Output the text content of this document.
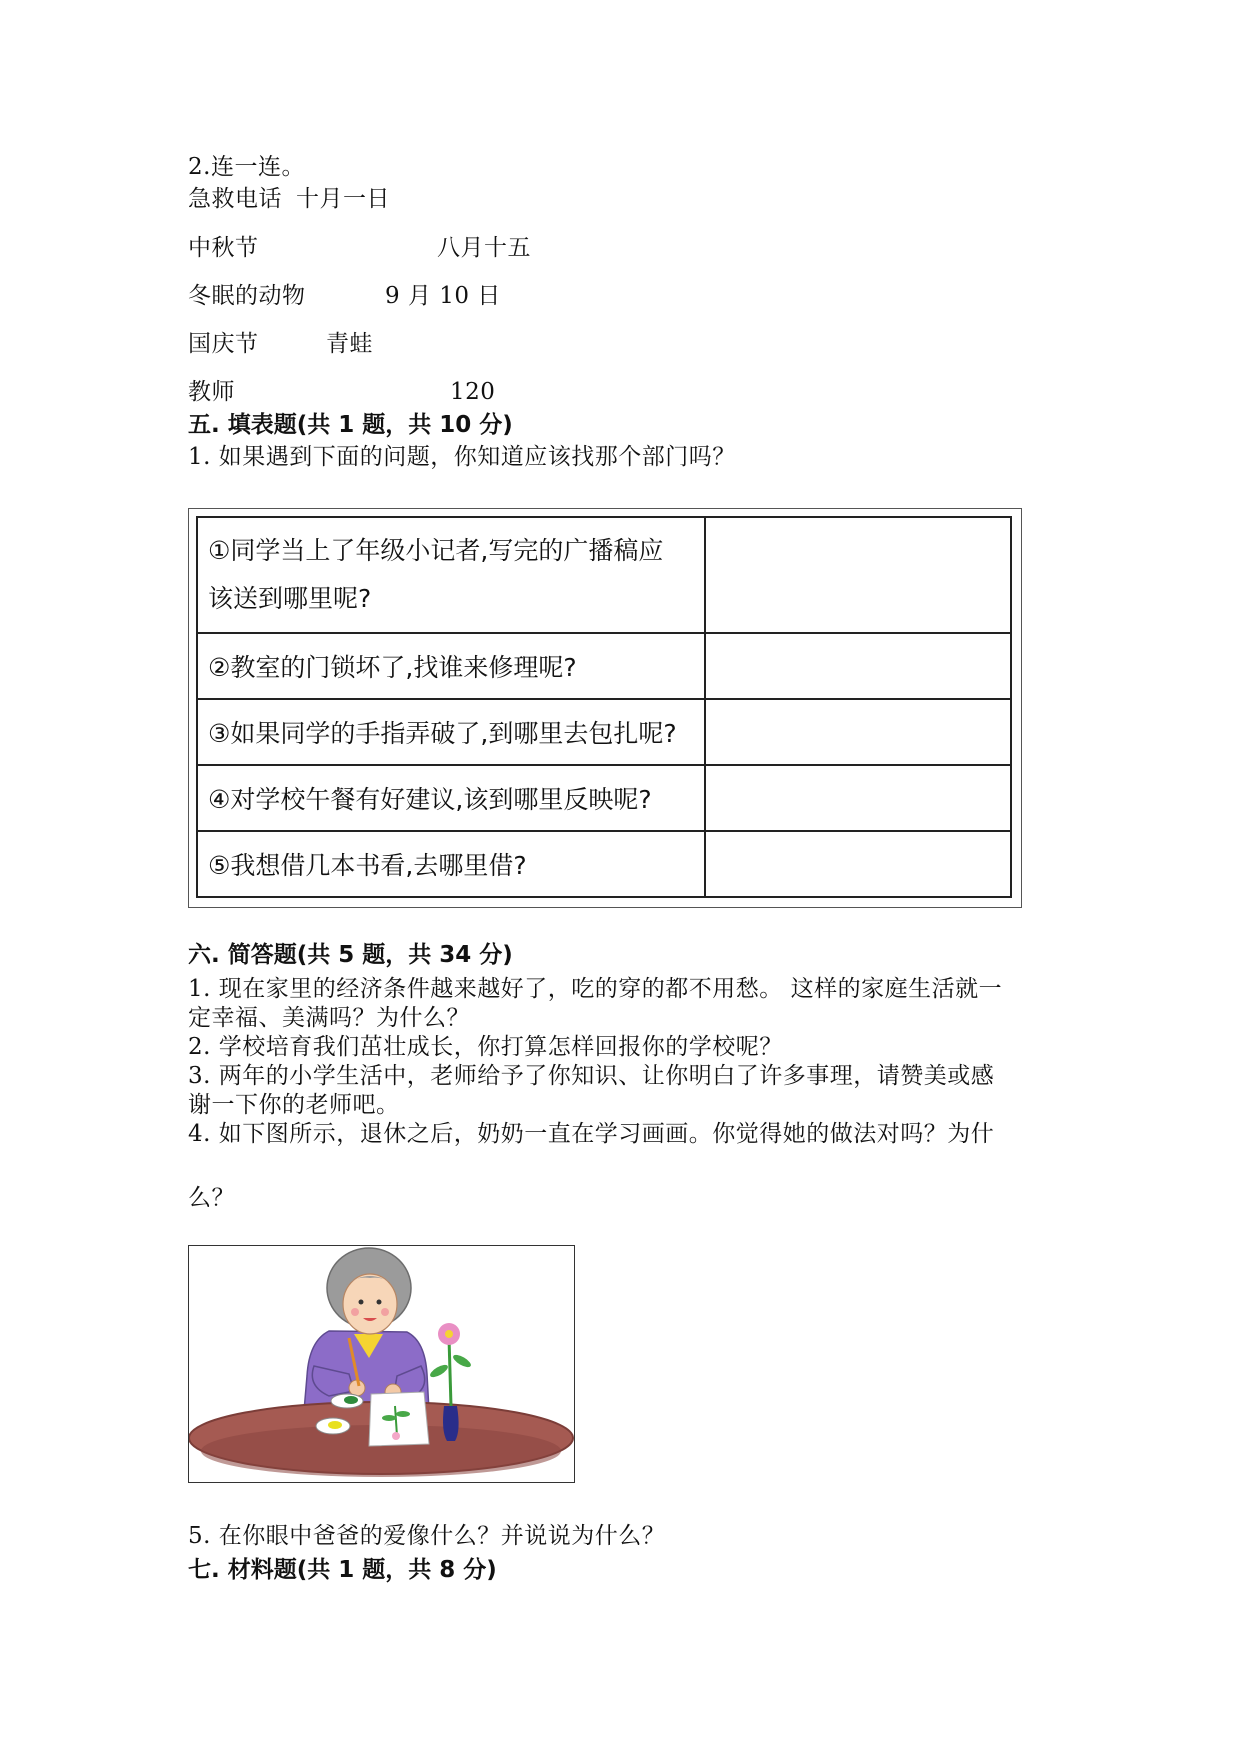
2.连一连。
急救电话 十月一日
中秋节	八月十五
冬眠的动物	9 月 10 日
国庆节	青蛙
教师	120
五. 填表题(共 1 题，共 10 分)
1. 如果遇到下面的问题，你知道应该找那个部门吗？
①同学当上了年级小记者,写完的广播稿应
该送到哪里呢?	

②教室的门锁坏了,找谁来修理呢?	
③如果同学的手指弄破了,到哪里去包扎呢?	
④对学校午餐有好建议,该到哪里反映呢?	
⑤我想借几本书看,去哪里借?	
六. 简答题(共 5 题，共 34 分)
1. 现在家里的经济条件越来越好了，吃的穿的都不用愁。 这样的家庭生活就一
定幸福、美满吗？为什么？
2. 学校培育我们茁壮成长，你打算怎样回报你的学校呢？
3. 两年的小学生活中，老师给予了你知识、让你明白了许多事理，请赞美或感
谢一下你的老师吧。
4. 如下图所示，退休之后，奶奶一直在学习画画。你觉得她的做法对吗？为什
么？
5. 在你眼中爸爸的爱像什么？并说说为什么？
七. 材料题(共 1 题，共 8 分)
